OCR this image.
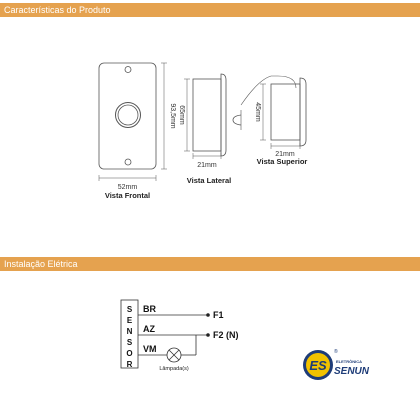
Características do Produto
Instalação Elétrica
93,5mm
52mm
Vista Frontal
65mm
21mm
Vista Lateral
45mm
21mm
Vista Superior
S
E
N
S
O
R
BR
AZ
VM
F1
F2 (N)
Lâmpada(s)	ES ELETRÔNICA
SENUN
®
